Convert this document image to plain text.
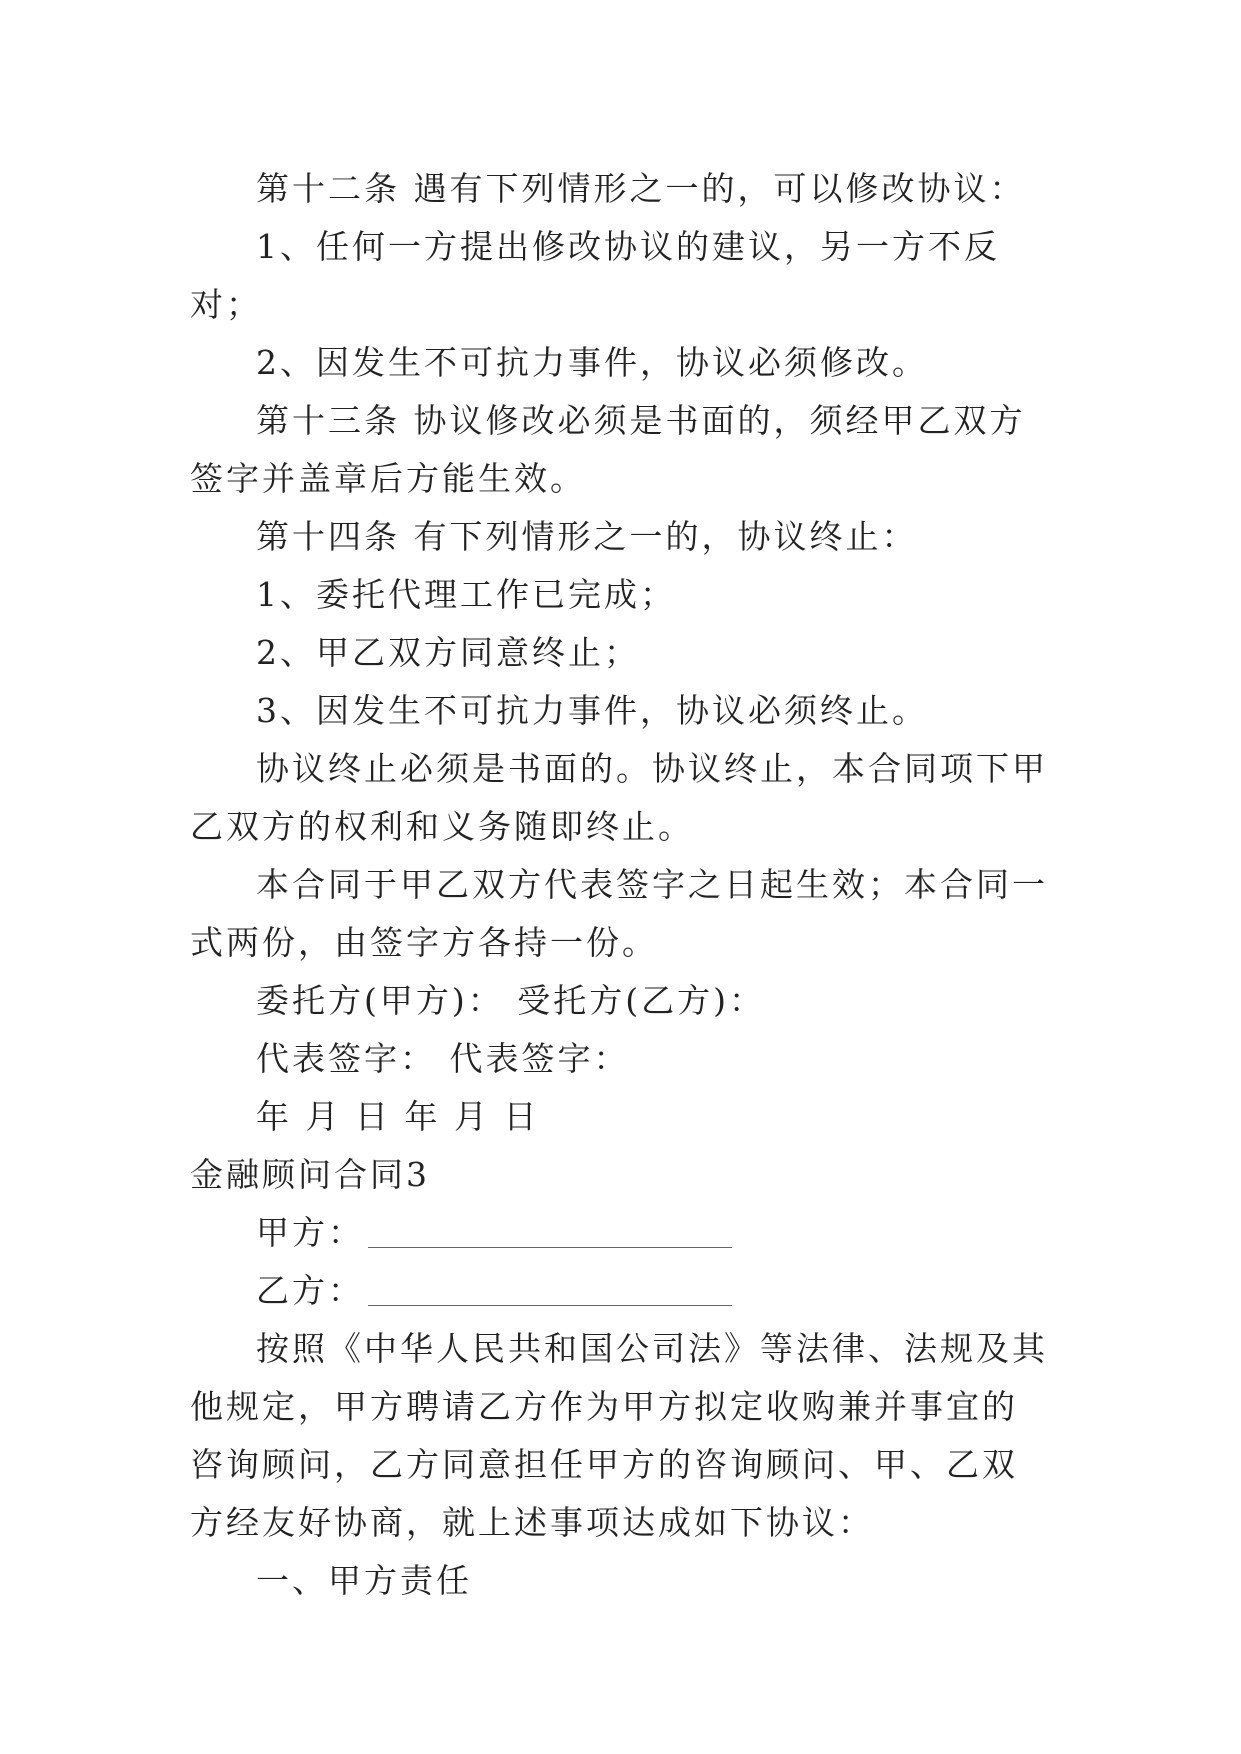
第十二条 遇有下列情形之一的，可以修改协议：

1、任何一方提出修改协议的建议，另一方不反对；

2、因发生不可抗力事件，协议必须修改。

第十三条 协议修改必须是书面的，须经甲乙双方签字并盖章后方能生效。

第十四条 有下列情形之一的，协议终止：

1、委托代理工作已完成；

2、甲乙双方同意终止；

3、因发生不可抗力事件，协议必须终止。

协议终止必须是书面的。协议终止，本合同项下甲乙双方的权利和义务随即终止。

本合同于甲乙双方代表签字之日起生效；本合同一式两份，由签字方各持一份。

委托方(甲方)： 受托方(乙方)：

代表签字： 代表签字：

年 月 日 年 月 日

金融顾问合同3

甲方：

乙方：

按照《中华人民共和国公司法》等法律、法规及其他规定，甲方聘请乙方作为甲方拟定收购兼并事宜的咨询顾问，乙方同意担任甲方的咨询顾问、甲、乙双方经友好协商，就上述事项达成如下协议：

一、甲方责任
